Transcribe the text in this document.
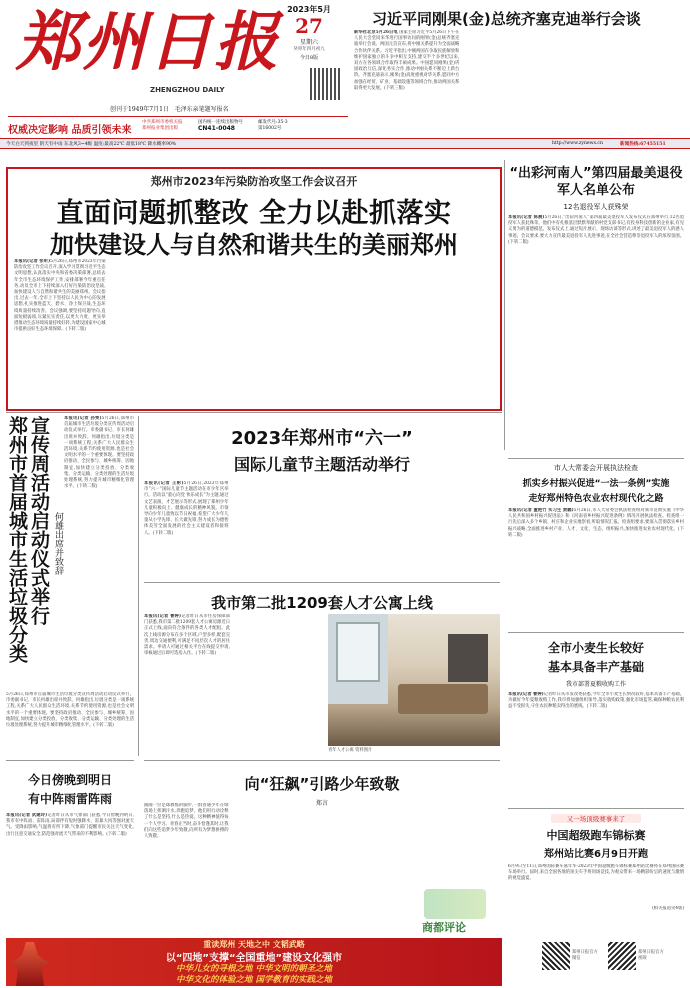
郑州日报
ZHENGZHOU DAILY
创刊于1949年7月1日 毛泽东亲笔题写报名
2023年5月
27
星期六
癸卯年四月初九
今日8版
习近平同刚果(金)总统齐塞克迪举行会谈
新华社北京5月26日电 国家主席习近平5月26日下午在人民大会堂同来华进行国事访问的刚果(金)总统齐塞克迪举行会谈。两国元首宣布,将中刚关系提升为全面战略合作伙伴关系。习近平指出,中刚两国在争取民族解放和维护国家独立的斗争中相互支持,建交半个多世纪以来,双方在各领域合作取得丰硕成果。中国愿同刚果(金)巩固政治互信,深化务实合作,推动中刚关系不断迈上新台阶。齐塞克迪表示,刚果(金)高度重视对华关系,愿同中方加强在经贸、矿业、基础设施等领域合作,推动两国关系取得更大发展。(下转三版)
权威决定影响 品质引领未来
中共郑州市委机关报
郑州报业集团出版
国内统一连续出版物号
CN41-0048
邮发代号:35-3
第16002号
今天白天到夜里 阴天有中雨 东北风3~4级 温度:最高22℃ 最低18℃ 降水概率90%	http://www.zynews.cn	新闻热线:67455151
郑州市2023年污染防治攻坚工作会议召开
直面问题抓整改 全力以赴抓落实
加快建设人与自然和谐共生的美丽郑州
本报讯(记者 张昕)5月26日,郑州市2023年污染防治攻坚工作会议召开,深入学习贯彻习近平生态文明思想,认真落实中央和省委决策部署,总结去年全市生态环境保护工作,安排部署今年重点任务,动员全市上下持续深入打好污染防治攻坚战,加快建设人与自然和谐共生的美丽郑州。会议指出,过去一年,全市上下坚持以人民为中心的发展思想,扎实推进蓝天、碧水、净土保卫战,生态环境质量持续改善。会议强调,要坚持问题导向,直面短板弱项,压紧压实责任,以更大力度、更实举措推动生态环境质量持续好转,为建设国家中心城市提供良好生态环境保障。(下转二版)
“出彩河南人”第四届最美退役军人名单公布
12名退役军人获殊荣
本报讯(记者 陈晨)5月26日,“出彩河南人”第四届最美退役军人发布仪式在郑州举行,12名退役军人获此殊荣。他们中有扎根基层默默奉献的村党支部书记,有投身科技创新的企业家,有见义勇为的道德模范。发布仪式上,通过短片展示、现场访谈等形式,讲述了最美退役军人的感人事迹。会议要求,要大力宣传最美退役军人先进事迹,在全社会营造尊崇退役军人的浓厚氛围。(下转二版)
宣传周活动启动仪式举行
郑州市首届城市生活垃圾分类	何雄出席并致辞
本报讯(记者 孙雯)5月26日,郑州市首届城市生活垃圾分类宣传周活动启动仪式举行。市委副书记、市长何雄出席并致辞。何雄指出,垃圾分类是一项系统工程,关系广大人民群众生活环境,关系节约使用资源,也是社会文明水平的一个重要体现。要坚持政府推动、全民参与、城乡统筹、因地制宜,加快建立分类投放、分类收集、分类运输、分类处理的生活垃圾处理系统,努力提升城市精细化管理水平。(下转二版)
5月26日,郑州市首届城市生活垃圾分类宣传周活动启动仪式举行。市委副书记、市长何雄出席并致辞。何雄指出,垃圾分类是一项系统工程,关系广大人民群众生活环境,关系节约使用资源,也是社会文明水平的一个重要体现。要坚持政府推动、全民参与、城乡统筹、因地制宜,加快建立分类投放、分类收集、分类运输、分类处理的生活垃圾处理系统,努力提升城市精细化管理水平。(下转二版)
2023年郑州市“六一”
国际儿童节主题活动举行
本报讯(记者 王彬)5月26日,2023年郑州市“六一”国际儿童节主题活动在市少年宫举行。活动以“童心向党 快乐成长”为主题,通过文艺表演、才艺展示等形式,展现了郑州少年儿童积极向上、健康成长的精神风貌。市领导向少年儿童致以节日祝福,希望广大少年儿童从小学先锋、长大做先锋,努力成长为德智体美劳全面发展的社会主义建设者和接班人。(下转二版)
我市第二批1209套人才公寓上线
本报讯(记者 曹婷)记者昨日从市住房保障部门获悉,我市第二批1209套人才公寓房源近日正式上线,面向符合条件的各类人才配租。此次上线房源分布在多个区域,户型多样,配套完善,周边交通便利,可满足不同层次人才的居住需求。申请人可通过相关平台在线提交申请,审核通过后即可选房入住。(下转二版)
青年人才公寓 资料图片
今日傍晚到明日
有中阵雨雷阵雨
本报讯(记者 武建玲)记者昨日从市气象部门获悉,今日傍晚到明日,我市有中阵雨、雷阵雨,局部伴有短时强降水、雷暴大风等强对流天气。受降雨影响,气温将有所下降,气象部门提醒市民关注天气变化,出行注意交通安全,防范强对流天气带来的不利影响。(下转二版)
向“狂飙”引路少年致敬
郑言
跟随一位足球教练的脚步,一群普通少年在绿茵场上挥洒汗水,奔跑追梦。他们用行动诠释了什么是坚持,什么是热爱。这种精神值得每一个人学习。青春正当时,奋斗恰逢其时,让我们向这些追梦少年致敬,向所有为梦想拼搏的人致敬。
商都评论
市人大常委会开展执法检查
抓实乡村振兴促进“一法一条例”实施
走好郑州特色农业农村现代化之路
本报讯(记者 董艳竹 实习生 黄鹏)5月26日,市人大常委会执法检查组对我市贯彻实施《中华人民共和国乡村振兴促进法》和《河南省乡村振兴促进条例》情况开展执法检查。检查组一行先后深入多个乡镇、村庄和企业实地察看,听取情况汇报。检查组要求,要深入贯彻落实乡村振兴战略,全面推进乡村产业、人才、文化、生态、组织振兴,加快推进农业农村现代化。(下转二版)
全市小麦生长较好
基本具备丰产基础
我市部署夏粮收购工作
本报讯(记者 曹婷)记者昨日从市发改委获悉,今年全市小麦生长情况较好,基本具备丰产基础。为做好今年夏粮收购工作,我市将加强组织领导,落实收购政策,强化市场监管,确保种粮农民利益不受损失,守住农民种粮卖得出的底线。(下转二版)
又一场顶级赛事来了
中国超级跑车锦标赛
郑州站比赛6月9日开跑
6月9日至11日,郑州国际赛车嘉年华·2023年中国超级跑车锦标赛郑州站比赛将在郑州国际赛车场举行。届时,来自全国各地的顶尖车手将同场竞技,为观众带来一场精彩纷呈的速度与激情的视觉盛宴。
(相关报道见4版)
重读郑州 天地之中 文韬武略
以“四地”支撑“全国重地”建设文化强市
中华儿女的寻根之地 中华文明的朝圣之地
中华文化的体验之地 国学教育的实践之地
郑州日报官方微信
郑州日报官方视频
